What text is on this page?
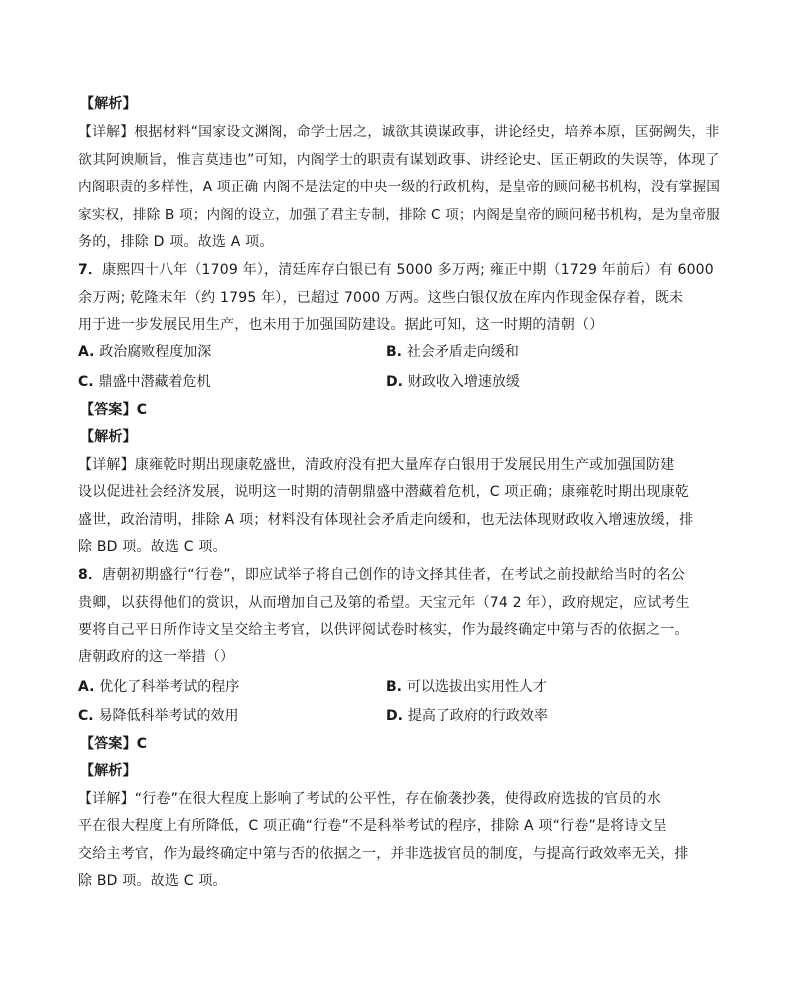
【解析】
【详解】根据材料“国家设文渊阁，命学士居之，诚欲其谟谋政事，讲论经史，培养本原，匡弼阙失，非
欲其阿谀顺旨，惟言莫违也”可知，内阁学士的职责有谋划政事、讲经论史、匡正朝政的失误等，体现了
内阁职责的多样性，A 项正确 内阁不是法定的中央一级的行政机构，是皇帝的顾问秘书机构，没有掌握国
家实权，排除 B 项；内阁的设立，加强了君主专制，排除 C 项；内阁是皇帝的顾问秘书机构，是为皇帝服
务的，排除 D 项。故选 A 项。
7．康熙四十八年（1709 年），清廷库存白银已有 5000 多万两; 雍正中期（1729 年前后）有 6000
余万两; 乾隆末年（约 1795 年），已超过 7000 万两。这些白银仅放在库内作现金保存着，既未
用于进一步发展民用生产，也未用于加强国防建设。据此可知，这一时期的清朝（）
A. 政治腐败程度加深	B. 社会矛盾走向缓和
C. 鼎盛中潜藏着危机	D. 财政收入增速放缓
【答案】C
【解析】
【详解】康雍乾时期出现康乾盛世，清政府没有把大量库存白银用于发展民用生产或加强国防建
设以促进社会经济发展，说明这一时期的清朝鼎盛中潜藏着危机，C 项正确；康雍乾时期出现康乾
盛世，政治清明，排除 A 项；材料没有体现社会矛盾走向缓和，也无法体现财政收入增速放缓，排
除 BD 项。故选 C 项。
8．唐朝初期盛行“行卷”，即应试举子将自己创作的诗文择其佳者，在考试之前投献给当时的名公
贵卿，以获得他们的赏识，从而增加自己及第的希望。天宝元年（74 2 年），政府规定，应试考生
要将自己平日所作诗文呈交给主考官，以供评阅试卷时核实，作为最终确定中第与否的依据之一。
唐朝政府的这一举措（）
A. 优化了科举考试的程序	B. 可以选拔出实用性人才
C. 易降低科举考试的效用	D. 提高了政府的行政效率
【答案】C
【解析】
【详解】“行卷”在很大程度上影响了考试的公平性，存在偷袭抄袭，使得政府选拔的官员的水
平在很大程度上有所降低，C 项正确“行卷”不是科举考试的程序，排除 A 项“行卷”是将诗文呈
交给主考官，作为最终确定中第与否的依据之一，并非选拔官员的制度，与提高行政效率无关，排
除 BD 项。故选 C 项。
